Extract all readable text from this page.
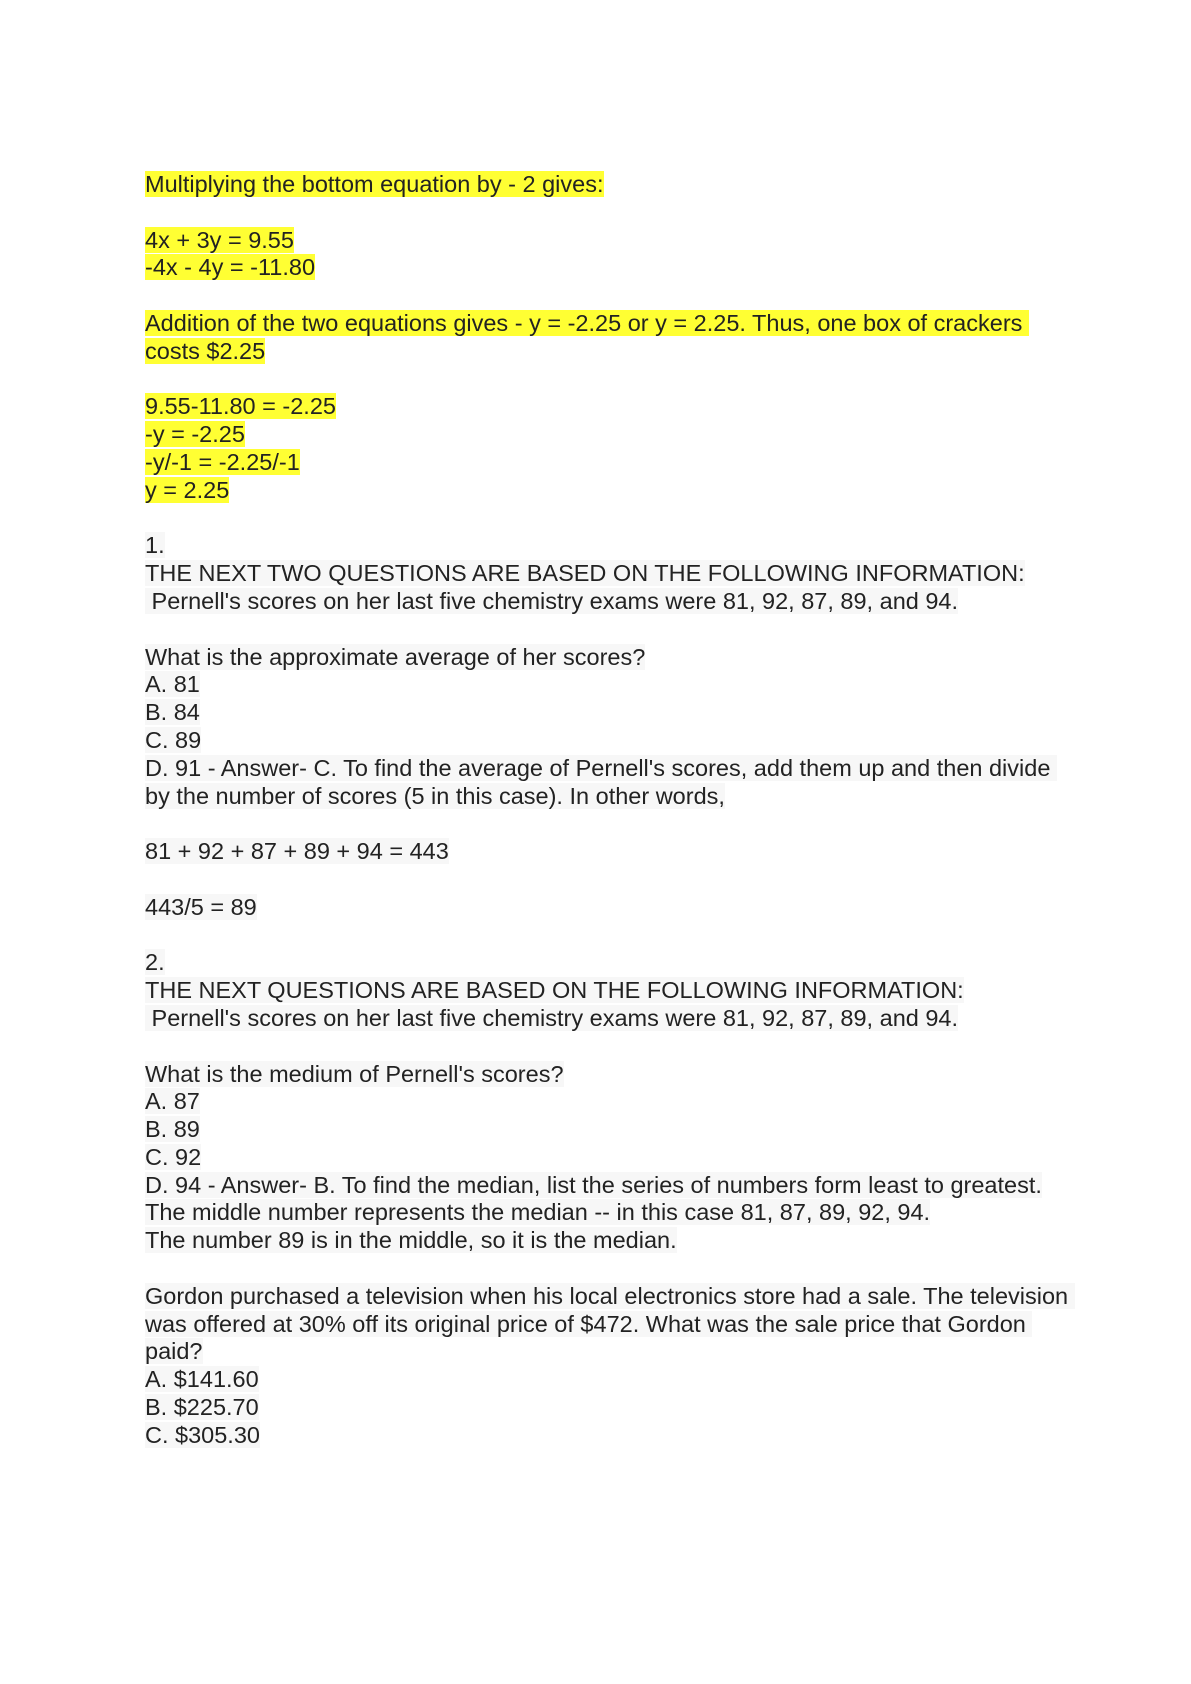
Multiplying the bottom equation by - 2 gives:
4x + 3y = 9.55
-4x - 4y = -11.80
Addition of the two equations gives - y = -2.25 or y = 2.25. Thus, one box of crackers costs $2.25
9.55-11.80 = -2.25
-y = -2.25
-y/-1 = -2.25/-1
y = 2.25
1.
THE NEXT TWO QUESTIONS ARE BASED ON THE FOLLOWING INFORMATION:
Pernell's scores on her last five chemistry exams were 81, 92, 87, 89, and 94.
What is the approximate average of her scores?
A. 81
B. 84
C. 89
D. 91 - Answer- C. To find the average of Pernell's scores, add them up and then divide by the number of scores (5 in this case). In other words,
81 + 92 + 87 + 89 + 94 = 443
443/5 = 89
2.
THE NEXT QUESTIONS ARE BASED ON THE FOLLOWING INFORMATION:
Pernell's scores on her last five chemistry exams were 81, 92, 87, 89, and 94.
What is the medium of Pernell's scores?
A. 87
B. 89
C. 92
D. 94 - Answer- B. To find the median, list the series of numbers form least to greatest.
The middle number represents the median -- in this case 81, 87, 89, 92, 94.
The number 89 is in the middle, so it is the median.
Gordon purchased a television when his local electronics store had a sale. The television was offered at 30% off its original price of $472. What was the sale price that Gordon paid?
A. $141.60
B. $225.70
C. $305.30
